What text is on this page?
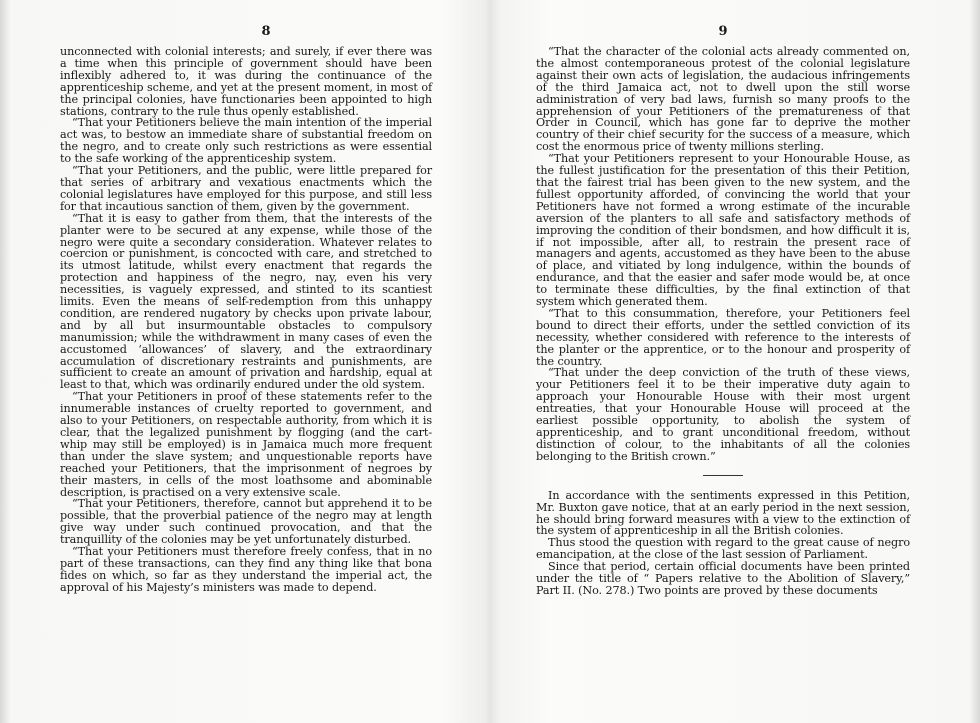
8

unconnected with colonial interests; and surely, if ever there was a time when this principle of government should have been inflexibly adhered to, it was during the continuance of the apprenticeship scheme, and yet at the present moment, in most of the principal colonies, have functionaries been appointed to high stations, contrary to the rule thus openly established.

“That your Petitioners believe the main intention of the imperial act was, to bestow an immediate share of substantial freedom on the negro, and to create only such restrictions as were essential to the safe working of the apprenticeship system.

“That your Petitioners, and the public, were little prepared for that series of arbitrary and vexatious enactments which the colonial legislatures have employed for this purpose, and still less for that incautious sanction of them, given by the government.

“That it is easy to gather from them, that the interests of the planter were to be secured at any expense, while those of the negro were quite a secondary consideration. Whatever relates to coercion or punishment, is concocted with care, and stretched to its utmost latitude, whilst every enactment that regards the protection and happiness of the negro, nay, even his very necessities, is vaguely expressed, and stinted to its scantiest limits. Even the means of self-redemption from this unhappy condition, are rendered nugatory by checks upon private labour, and by all but insurmountable obstacles to compulsory manumission; while the withdrawment in many cases of even the accustomed ‘allowances’ of slavery, and the extraordinary accumulation of discretionary restraints and punishments, are sufficient to create an amount of privation and hardship, equal at least to that, which was ordinarily endured under the old system.

“That your Petitioners in proof of these statements refer to the innumerable instances of cruelty reported to government, and also to your Petitioners, on respectable authority, from which it is clear, that the legalized punishment by flogging (and the cart-whip may still be employed) is in Jamaica much more frequent than under the slave system; and unquestionable reports have reached your Petitioners, that the imprisonment of negroes by their masters, in cells of the most loathsome and abominable description, is practised on a very extensive scale.

“That your Petitioners, therefore, cannot but apprehend it to be possible, that the proverbial patience of the negro may at length give way under such continued provocation, and that the tranquillity of the colonies may be yet unfortunately disturbed.

“That your Petitioners must therefore freely confess, that in no part of these transactions, can they find any thing like that bona fides on which, so far as they understand the imperial act, the approval of his Majesty’s ministers was made to depend.

9

“That the character of the colonial acts already commented on, the almost contemporaneous protest of the colonial legislature against their own acts of legislation, the audacious infringements of the third Jamaica act, not to dwell upon the still worse administration of very bad laws, furnish so many proofs to the apprehension of your Petitioners of the prematureness of that Order in Council, which has gone far to deprive the mother country of their chief security for the success of a measure, which cost the enormous price of twenty millions sterling.

“That your Petitioners represent to your Honourable House, as the fullest justification for the presentation of this their Petition, that the fairest trial has been given to the new system, and the fullest opportunity afforded, of convincing the world that your Petitioners have not formed a wrong estimate of the incurable aversion of the planters to all safe and satisfactory methods of improving the condition of their bondsmen, and how difficult it is, if not impossible, after all, to restrain the present race of managers and agents, accustomed as they have been to the abuse of place, and vitiated by long indulgence, within the bounds of endurance, and that the easier and safer mode would be, at once to terminate these difficulties, by the final extinction of that system which generated them.

“That to this consummation, therefore, your Petitioners feel bound to direct their efforts, under the settled conviction of its necessity, whether considered with reference to the interests of the planter or the apprentice, or to the honour and prosperity of the country.

“That under the deep conviction of the truth of these views, your Petitioners feel it to be their imperative duty again to approach your Honourable House with their most urgent entreaties, that your Honourable House will proceed at the earliest possible opportunity, to abolish the system of apprenticeship, and to grant unconditional freedom, without distinction of colour, to the inhabitants of all the colonies belonging to the British crown.”

In accordance with the sentiments expressed in this Petition, Mr. Buxton gave notice, that at an early period in the next session, he should bring forward measures with a view to the extinction of the system of apprenticeship in all the British colonies.

Thus stood the question with regard to the great cause of negro emancipation, at the close of the last session of Parliament.

Since that period, certain official documents have been printed under the title of “ Papers relative to the Abolition of Slavery,” Part II. (No. 278.) Two points are proved by these documents
